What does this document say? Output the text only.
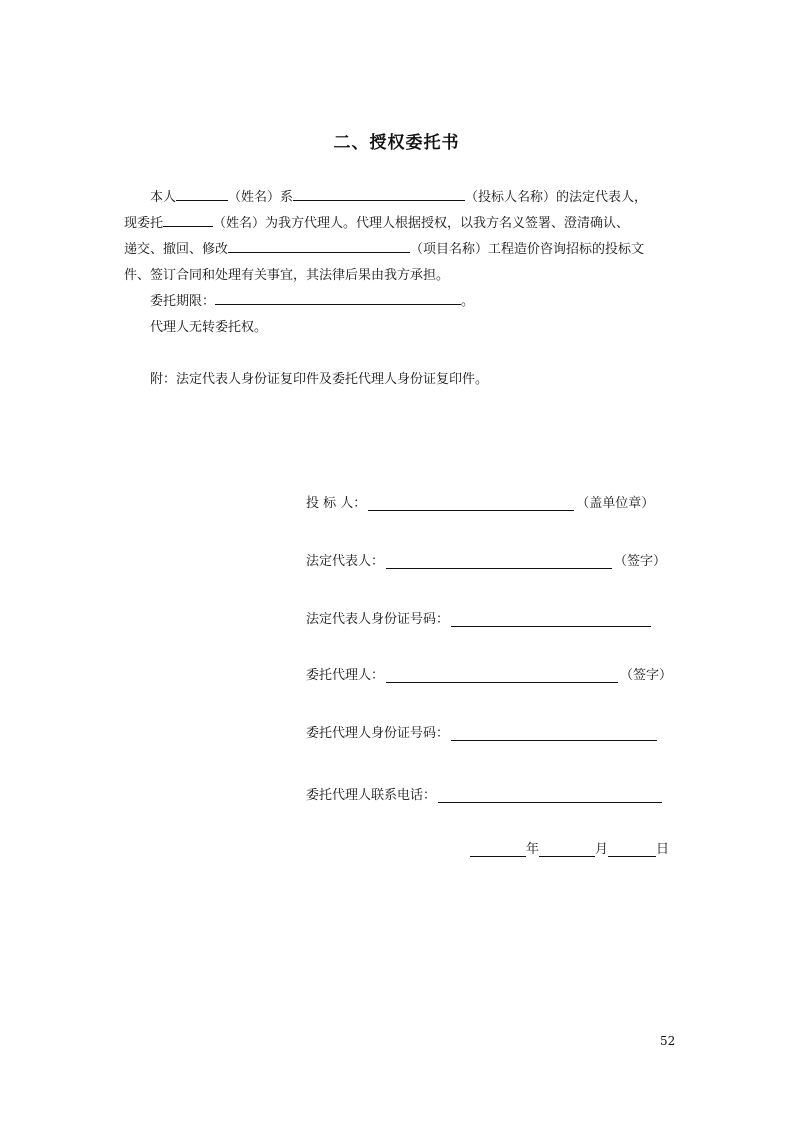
二、授权委托书
本人	（姓名）系	（投标人名称）的法定代表人，
现委托	（姓名）为我方代理人。代理人根据授权，以我方名义签署、澄清确认、
递交、撤回、修改	（项目名称）工程造价咨询招标的投标文
件、签订合同和处理有关事宜，其法律后果由我方承担。
委托期限：	。
代理人无转委托权。
附：法定代表人身份证复印件及委托代理人身份证复印件。
投 标 人：	（盖单位章）
法定代表人：	（签字）
法定代表人身份证号码：
委托代理人：	（签字）
委托代理人身份证号码：
委托代理人联系电话：
年	月	日
52
